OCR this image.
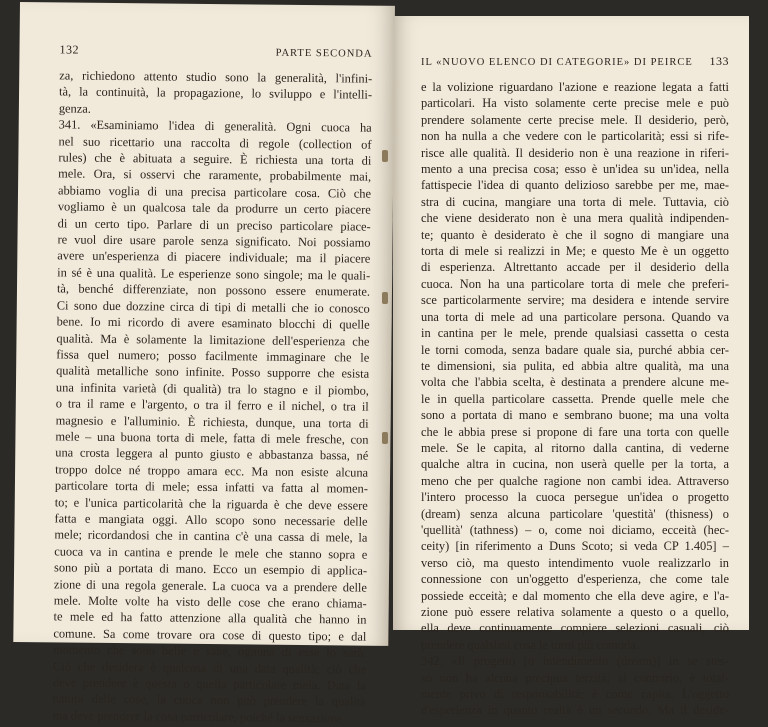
132	PARTE SECONDA
za, richiedono attento studio sono la generalità, l'infini-
tà, la continuità, la propagazione, lo sviluppo e l'intelli-
genza.
341. «Esaminiamo l'idea di generalità. Ogni cuoca ha
nel suo ricettario una raccolta di regole (collection of
rules) che è abituata a seguire. È richiesta una torta di
mele. Ora, si osservi che raramente, probabilmente mai,
abbiamo voglia di una precisa particolare cosa. Ciò che
vogliamo è un qualcosa tale da produrre un certo piacere
di un certo tipo. Parlare di un preciso particolare piace-
re vuol dire usare parole senza significato. Noi possiamo
avere un'esperienza di piacere individuale; ma il piacere
in sé è una qualità. Le esperienze sono singole; ma le quali-
tà, benché differenziate, non possono essere enumerate.
Ci sono due dozzine circa di tipi di metalli che io conosco
bene. Io mi ricordo di avere esaminato blocchi di quelle
qualità. Ma è solamente la limitazione dell'esperienza che
fissa quel numero; posso facilmente immaginare che le
qualità metalliche sono infinite. Posso supporre che esista
una infinita varietà (di qualità) tra lo stagno e il piombo,
o tra il rame e l'argento, o tra il ferro e il nichel, o tra il
magnesio e l'alluminio. È richiesta, dunque, una torta di
mele – una buona torta di mele, fatta di mele fresche, con
una crosta leggera al punto giusto e abbastanza bassa, né
troppo dolce né troppo amara ecc. Ma non esiste alcuna
particolare torta di mele; essa infatti va fatta al momen-
to; e l'unica particolarità che la riguarda è che deve essere
fatta e mangiata oggi. Allo scopo sono necessarie delle
mele; ricordandosi che in cantina c'è una cassa di mele, la
cuoca va in cantina e prende le mele che stanno sopra e
sono più a portata di mano. Ecco un esempio di applica-
zione di una regola generale. La cuoca va a prendere delle
mele. Molte volte ha visto delle cose che erano chiama-
te mele ed ha fatto attenzione alla qualità che hanno in
comune. Sa come trovare ora cose di questo tipo; e dal
momento che sono belle e sane, ognuna di esse lo sarà.
Ciò che desidera è qualcosa di una data qualità; ciò che
deve prendere è questa o quella particolare mela. Data la
natura delle cose, la cuoca non può prendere la qualità
ma deve prendere la cosa particolare, poiché la sensazione
IL «NUOVO ELENCO DI CATEGORIE» DI PEIRCE 133
e la volizione riguardano l'azione e reazione legata a fatti
particolari. Ha visto solamente certe precise mele e può
prendere solamente certe precise mele. Il desiderio, però,
non ha nulla a che vedere con le particolarità; essi si rife-
risce alle qualità. Il desiderio non è una reazione in riferi-
mento a una precisa cosa; esso è un'idea su un'idea, nella
fattispecie l'idea di quanto delizioso sarebbe per me, mae-
stra di cucina, mangiare una torta di mele. Tuttavia, ciò
che viene desiderato non è una mera qualità indipenden-
te; quanto è desiderato è che il sogno di mangiare una
torta di mele si realizzi in Me; e questo Me è un oggetto
di esperienza. Altrettanto accade per il desiderio della
cuoca. Non ha una particolare torta di mele che preferi-
sce particolarmente servire; ma desidera e intende servire
una torta di mele ad una particolare persona. Quando va
in cantina per le mele, prende qualsiasi cassetta o cesta
le torni comoda, senza badare quale sia, purché abbia cer-
te dimensioni, sia pulita, ed abbia altre qualità, ma una
volta che l'abbia scelta, è destinata a prendere alcune me-
le in quella particolare cassetta. Prende quelle mele che
sono a portata di mano e sembrano buone; ma una volta
che le abbia prese si propone di fare una torta con quelle
mele. Se le capita, al ritorno dalla cantina, di vederne
qualche altra in cucina, non userà quelle per la torta, a
meno che per qualche ragione non cambi idea. Attraverso
l'intero processo la cuoca persegue un'idea o progetto
(dream) senza alcuna particolare 'questità' (thisness) o
'quellità' (tathness) – o, come noi diciamo, ecceità (hec-
ceity) [in riferimento a Duns Scoto; si veda CP 1.405] –
verso ciò, ma questo intendimento vuole realizzarlo in
connessione con un'oggetto d'esperienza, che come tale
possiede ecceità; e dal momento che ella deve agire, e l'a-
zione può essere relativa solamente a questo o a quello,
ella deve continuamente compiere selezioni casuali, ciò
prendere qualsiasi cosa le torni più comoda.
342. «Il progetto [o intendimento (dream)] in se stes-
so non ha alcuna precipua terzità; al contrario, è total-
mente privo di responsabilità; è come capita. L'oggetto
d'esperienza in quanto realtà è un secondo. Ma il deside-
